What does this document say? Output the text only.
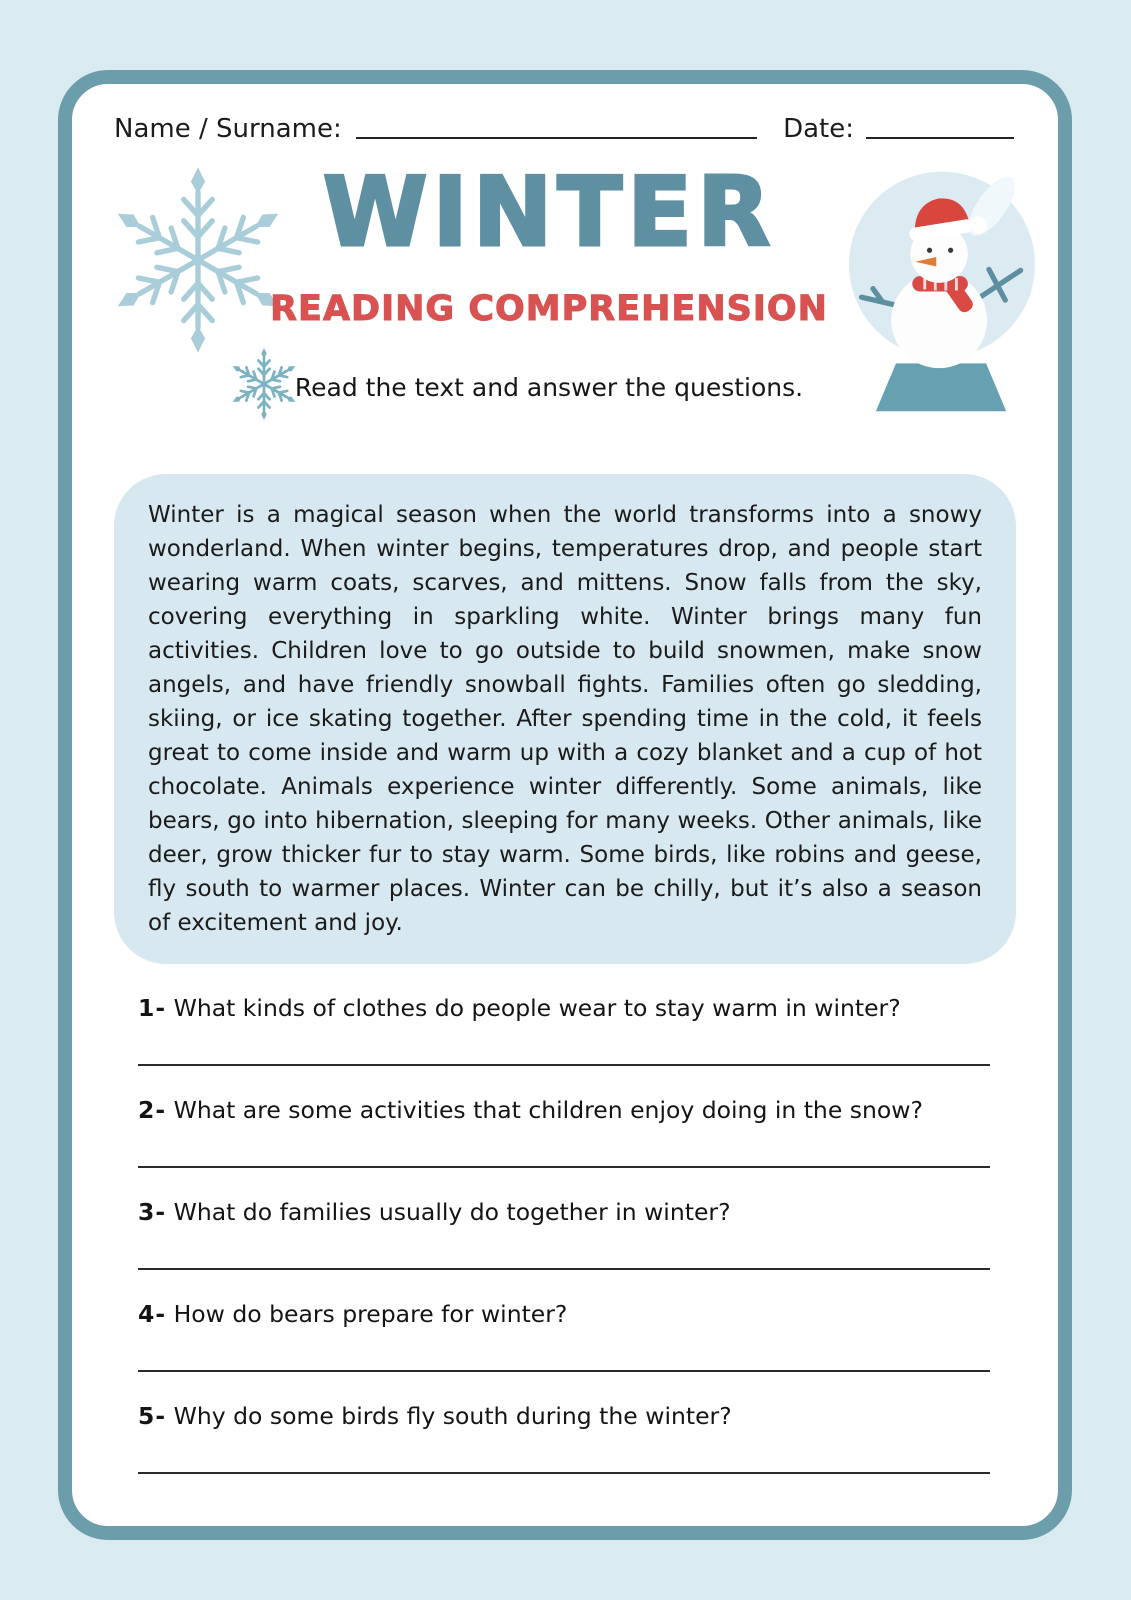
Name / Surname:	Date:
WINTER
READING COMPREHENSION
Read the text and answer the questions.
Winter is a magical season when the world transforms into a snowy wonderland. When winter begins, temperatures drop, and people start wearing warm coats, scarves, and mittens. Snow falls from the sky, covering everything in sparkling white. Winter brings many fun activities. Children love to go outside to build snowmen, make snow angels, and have friendly snowball fights. Families often go sledding, skiing, or ice skating together. After spending time in the cold, it feels great to come inside and warm up with a cozy blanket and a cup of hot chocolate. Animals experience winter differently. Some animals, like bears, go into hibernation, sleeping for many weeks. Other animals, like deer, grow thicker fur to stay warm. Some birds, like robins and geese, fly south to warmer places. Winter can be chilly, but it’s also a season of excitement and joy.
1- What kinds of clothes do people wear to stay warm in winter?
2- What are some activities that children enjoy doing in the snow?
3- What do families usually do together in winter?
4- How do bears prepare for winter?
5- Why do some birds fly south during the winter?
